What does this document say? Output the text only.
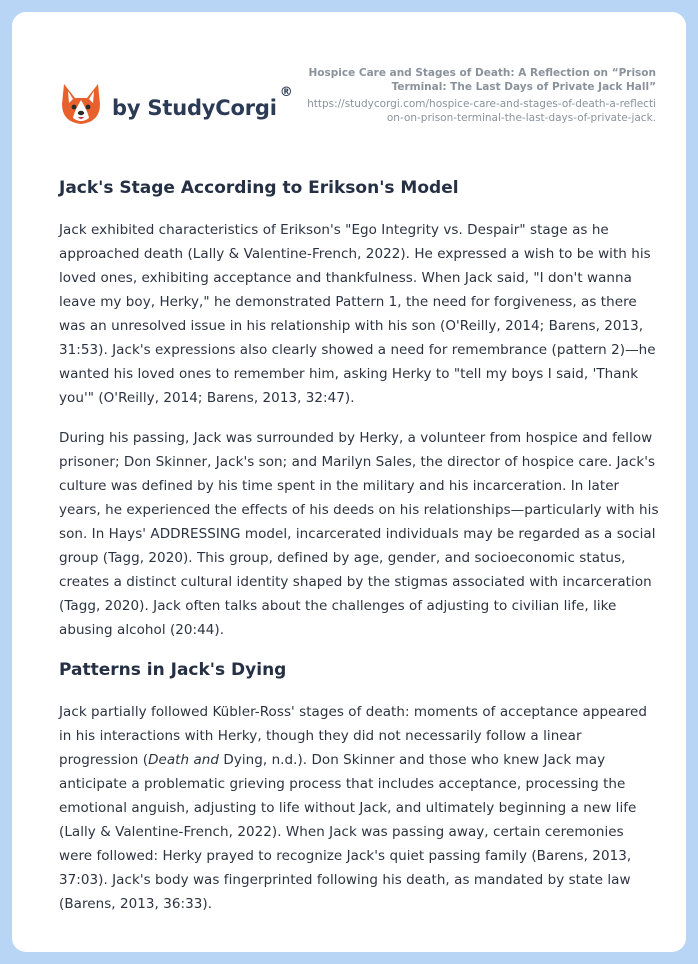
by StudyCorgi
®
Hospice Care and Stages of Death: A Reflection on “Prison Terminal: The Last Days of Private Jack Hall”
https://studycorgi.com/hospice-care-and-stages-of-death-a-reflection-on-prison-terminal-the-last-days-of-private-jack.
Jack's Stage According to Erikson's Model

Jack exhibited characteristics of Erikson's "Ego Integrity vs. Despair" stage as he approached death (Lally & Valentine-French, 2022). He expressed a wish to be with his loved ones, exhibiting acceptance and thankfulness. When Jack said, "I don't wanna leave my boy, Herky," he demonstrated Pattern 1, the need for forgiveness, as there was an unresolved issue in his relationship with his son (O'Reilly, 2014; Barens, 2013, 31:53). Jack's expressions also clearly showed a need for remembrance (pattern 2)—he wanted his loved ones to remember him, asking Herky to "tell my boys I said, 'Thank you'" (O'Reilly, 2014; Barens, 2013, 32:47).

During his passing, Jack was surrounded by Herky, a volunteer from hospice and fellow prisoner; Don Skinner, Jack's son; and Marilyn Sales, the director of hospice care. Jack's culture was defined by his time spent in the military and his incarceration. In later years, he experienced the effects of his deeds on his relationships—particularly with his son. In Hays' ADDRESSING model, incarcerated individuals may be regarded as a social group (Tagg, 2020). This group, defined by age, gender, and socioeconomic status, creates a distinct cultural identity shaped by the stigmas associated with incarceration (Tagg, 2020). Jack often talks about the challenges of adjusting to civilian life, like abusing alcohol (20:44).

Patterns in Jack's Dying

Jack partially followed Kübler-Ross' stages of death: moments of acceptance appeared in his interactions with Herky, though they did not necessarily follow a linear progression (Death and Dying, n.d.). Don Skinner and those who knew Jack may anticipate a problematic grieving process that includes acceptance, processing the emotional anguish, adjusting to life without Jack, and ultimately beginning a new life (Lally & Valentine-French, 2022). When Jack was passing away, certain ceremonies were followed: Herky prayed to recognize Jack's quiet passing family (Barens, 2013, 37:03). Jack's body was fingerprinted following his death, as mandated by state law (Barens, 2013, 36:33).
